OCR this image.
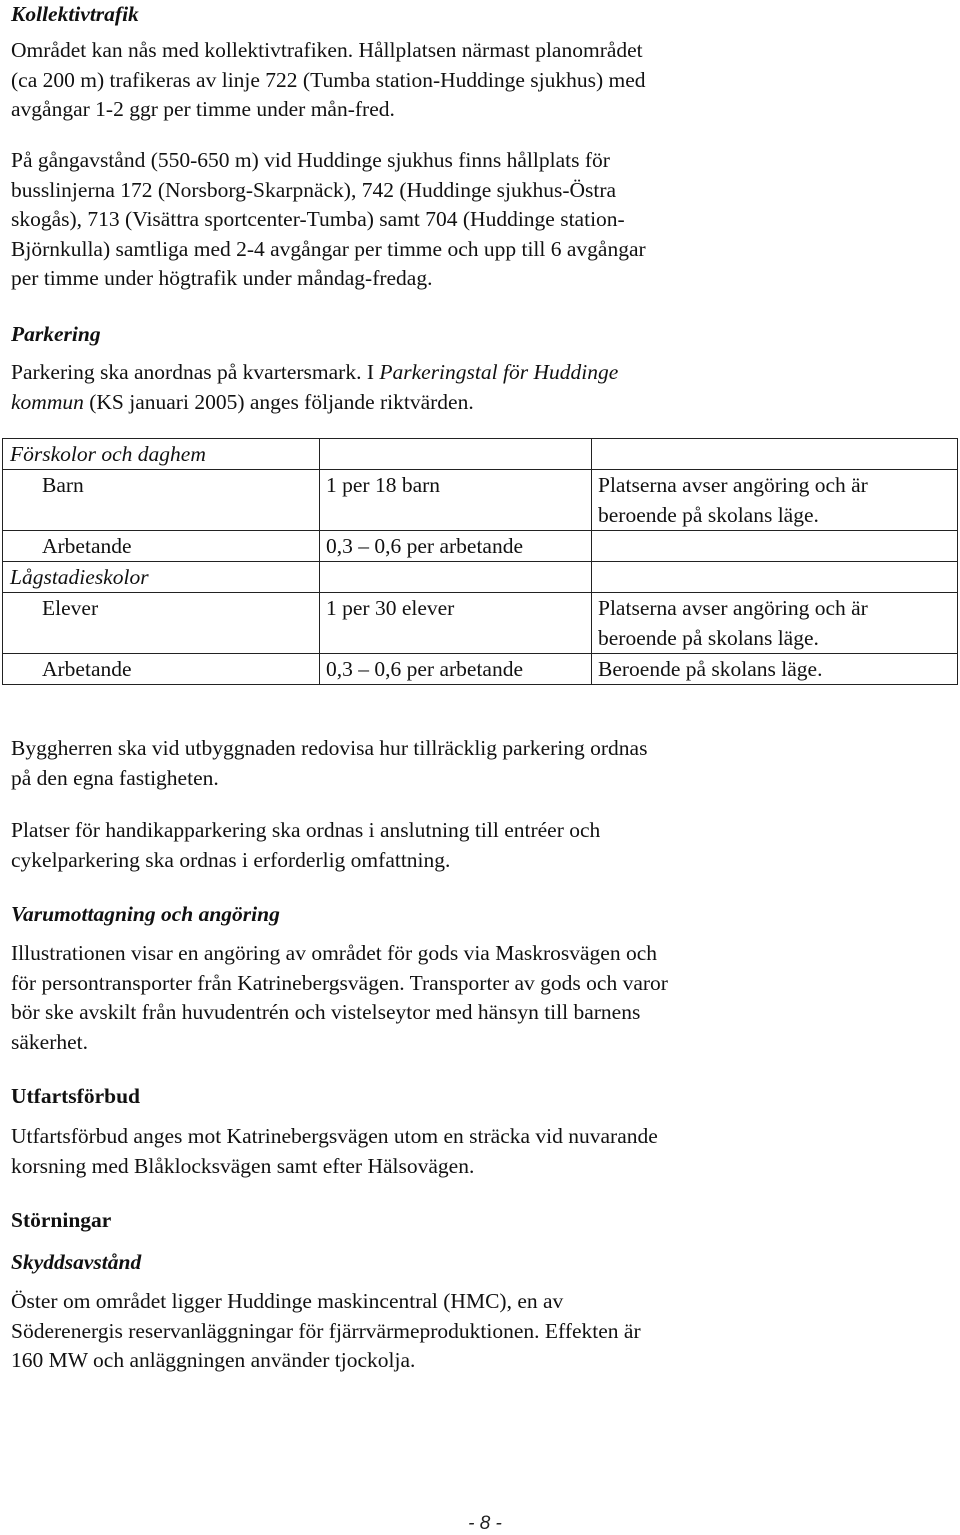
Kollektivtrafik

Området kan nås med kollektivtrafiken. Hållplatsen närmast planområdet

(ca 200 m) trafikeras av linje 722 (Tumba station-Huddinge sjukhus) med

avgångar 1-2 ggr per timme under mån-fred.

På gångavstånd (550-650 m) vid Huddinge sjukhus finns hållplats för

busslinjerna 172 (Norsborg-Skarpnäck), 742 (Huddinge sjukhus-Östra

skogås), 713 (Visättra sportcenter-Tumba) samt 704 (Huddinge station-

Björnkulla) samtliga med 2-4 avgångar per timme och upp till 6 avgångar

per timme under högtrafik under måndag-fredag.

Parkering

Parkering ska anordnas på kvartersmark. I Parkeringstal för Huddinge

kommun (KS januari 2005) anges följande riktvärden.

Förskolor och daghem		
Barn	1 per 18 barn	Platserna avser angöring och är
beroende på skolans läge.

Arbetande	0,3 – 0,6 per arbetande	
Lågstadieskolor		
Elever	1 per 30 elever	Platserna avser angöring och är
beroende på skolans läge.

Arbetande	0,3 – 0,6 per arbetande	Beroende på skolans läge.

Byggherren ska vid utbyggnaden redovisa hur tillräcklig parkering ordnas

på den egna fastigheten.

Platser för handikapparkering ska ordnas i anslutning till entréer och

cykelparkering ska ordnas i erforderlig omfattning.

Varumottagning och angöring

Illustrationen visar en angöring av området för gods via Maskrosvägen och

för persontransporter från Katrinebergsvägen. Transporter av gods och varor

bör ske avskilt från huvudentrén och vistelseytor med hänsyn till barnens

säkerhet.

Utfartsförbud

Utfartsförbud anges mot Katrinebergsvägen utom en sträcka vid nuvarande

korsning med Blåklocksvägen samt efter Hälsovägen.

Störningar

Skyddsavstånd

Öster om området ligger Huddinge maskincentral (HMC), en av

Söderenergis reservanläggningar för fjärrvärmeproduktionen. Effekten är

160 MW och anläggningen använder tjockolja.

- 8 -
